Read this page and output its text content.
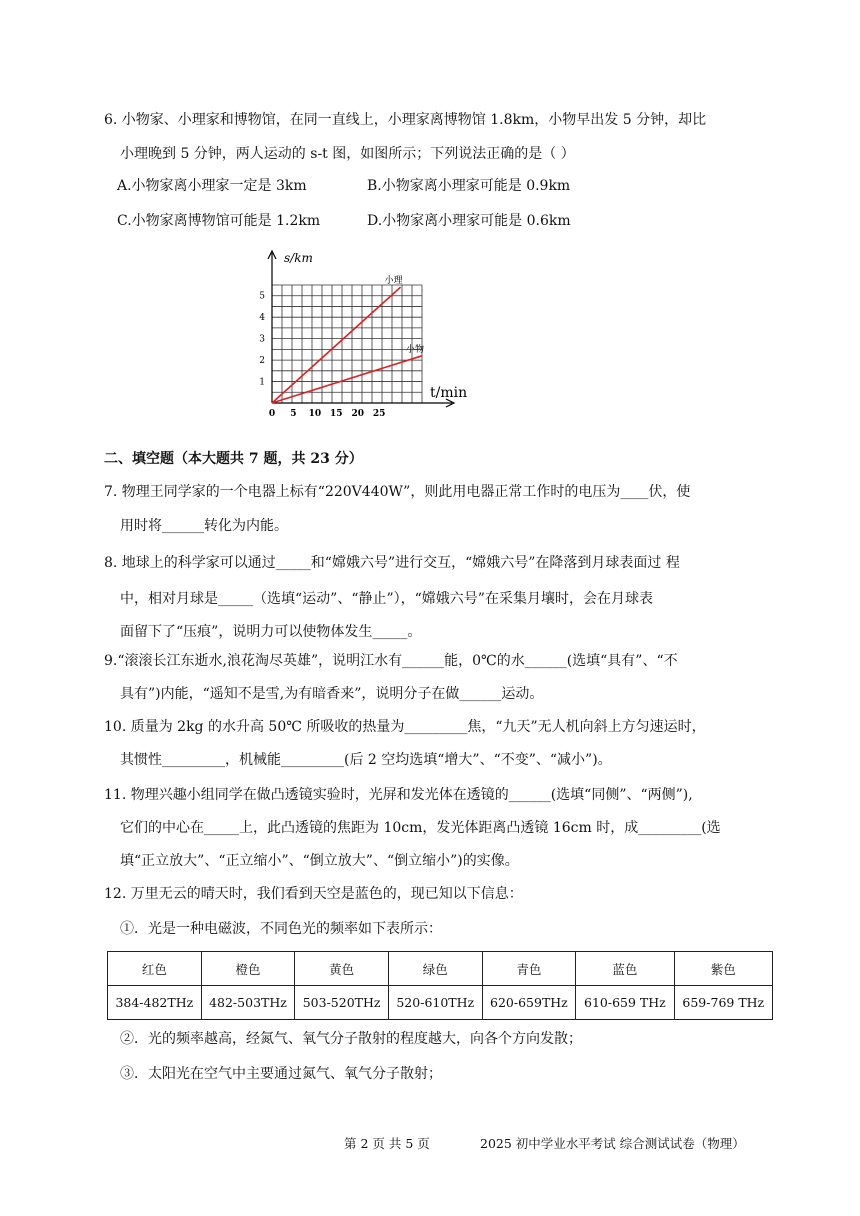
6. 小物家、小理家和博物馆，在同一直线上，小理家离博物馆 1.8km，小物早出发 5 分钟，却比
小理晚到 5 分钟，两人运动的 s-t 图，如图所示；下列说法正确的是（ ）
A.小物家离小理家一定是 3km	B.小物家离小理家可能是 0.9km
C.小物家离博物馆可能是 1.2km	D.小物家离小理家可能是 0.6km
0 5 10 15 20 25
1
2
3
4
5
s/km
t/min
小理
小物
二、填空题（本大题共 7 题，共 23 分）
7. 物理王同学家的一个电器上标有“220V440W”，则此用电器正常工作时的电压为____伏，使
用时将______转化为内能。
8. 地球上的科学家可以通过_____和“嫦娥六号”进行交互，“嫦娥六号”在降落到月球表面过 程
中，相对月球是_____（选填“运动”、“静止”），“嫦娥六号”在采集月壤时，会在月球表
面留下了“压痕”，说明力可以使物体发生_____。
9.“滚滚长江东逝水,浪花淘尽英雄”，说明江水有______能，0℃的水______(选填“具有”、“不
具有”)内能，“遥知不是雪,为有暗香来”，说明分子在做______运动。
10. 质量为 2kg 的水升高 50℃ 所吸收的热量为_________焦，“九天”无人机向斜上方匀速运时，
其惯性_________，机械能_________(后 2 空均选填“增大”、“不变”、“减小”)。
11. 物理兴趣小组同学在做凸透镜实验时，光屏和发光体在透镜的______(选填“同侧”、“两侧”),
它们的中心在_____上，此凸透镜的焦距为 10cm，发光体距离凸透镜 16cm 时，成_________(选
填“正立放大”、“正立缩小”、“倒立放大”、“倒立缩小”)的实像。
12. 万里无云的晴天时，我们看到天空是蓝色的，现已知以下信息：
①．光是一种电磁波，不同色光的频率如下表所示：
红色	橙色	黄色	绿色	青色	蓝色	紫色
384-482THz	482-503THz	503-520THz	520-610THz	620-659THz	610-659 THz	659-769 THz
②．光的频率越高，经氮气、氧气分子散射的程度越大，向各个方向发散；
③．太阳光在空气中主要通过氮气、氧气分子散射；
第 2 页 共 5 页	2025 初中学业水平考试 综合测试试卷（物理）
